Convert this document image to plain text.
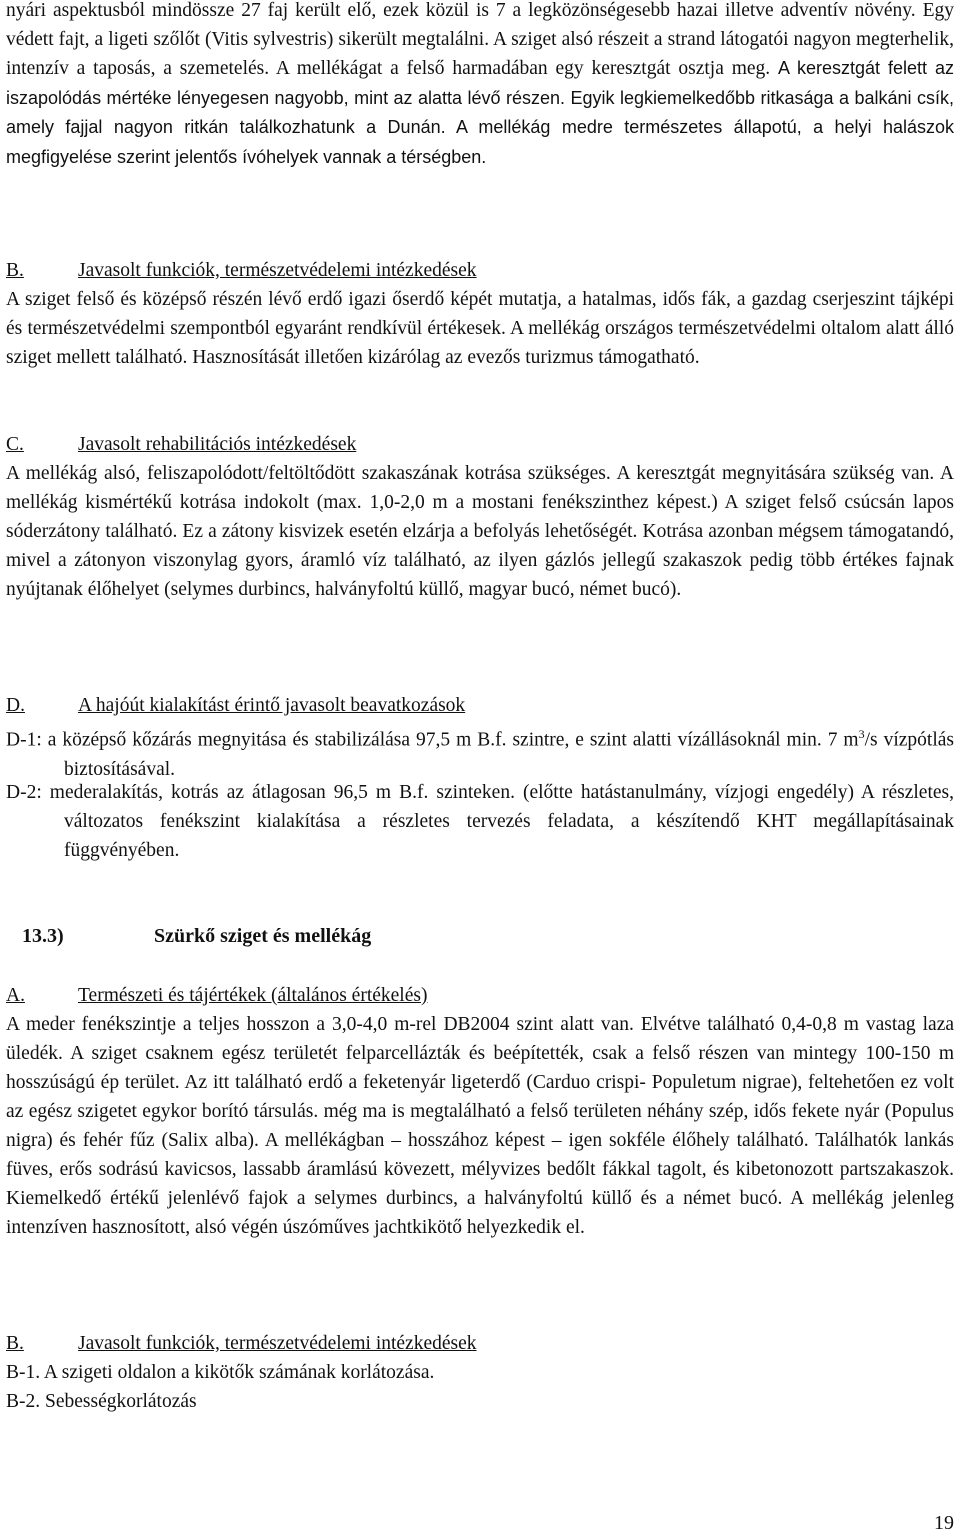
nyári aspektusból mindössze 27 faj került elő, ezek közül is 7 a legközönségesebb hazai illetve adventív növény. Egy védett fajt, a ligeti szőlőt (Vitis sylvestris) sikerült megtalálni. A sziget alsó részeit a strand látogatói nagyon megterhelik, intenzív a taposás, a szemetelés. A mellékágat a felső harmadában egy keresztgát osztja meg. A keresztgát felett az iszapolódás mértéke lényegesen nagyobb, mint az alatta lévő részen. Egyik legkiemelkedőbb ritkasága a balkáni csík, amely fajjal nagyon ritkán találkozhatunk a Dunán. A mellékág medre természetes állapotú, a helyi halászok megfigyelése szerint jelentős ívóhelyek vannak a térségben.

B.	Javasolt funkciók, természetvédelemi intézkedések

A sziget felső és középső részén lévő erdő igazi őserdő képét mutatja, a hatalmas, idős fák, a gazdag cserjeszint tájképi és természetvédelmi szempontból egyaránt rendkívül értékesek. A mellékág országos természetvédelmi oltalom alatt álló sziget mellett található. Hasznosítását illetően kizárólag az evezős turizmus támogatható.

C.	Javasolt rehabilitációs intézkedések

A mellékág alsó, feliszapolódott/feltöltődött szakaszának kotrása szükséges. A keresztgát megnyitására szükség van. A mellékág kismértékű kotrása indokolt (max. 1,0-2,0 m a mostani fenékszinthez képest.) A sziget felső csúcsán lapos sóderzátony található. Ez a zátony kisvizek esetén elzárja a befolyás lehetőségét. Kotrása azonban mégsem támogatandó, mivel a zátonyon viszonylag gyors, áramló víz található, az ilyen gázlós jellegű szakaszok pedig több értékes fajnak nyújtanak élőhelyet (selymes durbincs, halványfoltú küllő, magyar bucó, német bucó).

D.	A hajóút kialakítást érintő javasolt beavatkozások

D-1: a középső kőzárás megnyitása és stabilizálása 97,5 m B.f. szintre, e szint alatti vízállásoknál min. 7 $m^3/s$ vízpótlás biztosításával.

D-2: mederalakítás, kotrás az átlagosan 96,5 m B.f. szinteken. (előtte hatástanulmány, vízjogi engedély) A részletes, változatos fenékszint kialakítása a részletes tervezés feladata, a készítendő KHT megállapításainak függvényében.

13.3)	Szürkő sziget és mellékág
A.	Természeti és tájértékek (általános értékelés)

A meder fenékszintje a teljes hosszon a 3,0-4,0 m-rel DB2004 szint alatt van. Elvétve található 0,4-0,8 m vastag laza üledék. A sziget csaknem egész területét felparcellázták és beépítették, csak a felső részen van mintegy 100-150 m hosszúságú ép terület. Az itt található erdő a feketenyár ligeterdő (Carduo crispi- Populetum nigrae), feltehetően ez volt az egész szigetet egykor borító társulás. még ma is megtalálható a felső területen néhány szép, idős fekete nyár (Populus nigra) és fehér fűz (Salix alba). A mellékágban – hosszához képest – igen sokféle élőhely található. Találhatók lankás füves, erős sodrású kavicsos, lassabb áramlású kövezett, mélyvizes bedőlt fákkal tagolt, és kibetonozott partszakaszok. Kiemelkedő értékű jelenlévő fajok a selymes durbincs, a halványfoltú küllő és a német bucó. A mellékág jelenleg intenzíven hasznosított, alsó végén úszóműves jachtkikötő helyezkedik el.

B.	Javasolt funkciók, természetvédelemi intézkedések
B-1. A szigeti oldalon a kikötők számának korlátozása.
B-2. Sebességkorlátozás
19
